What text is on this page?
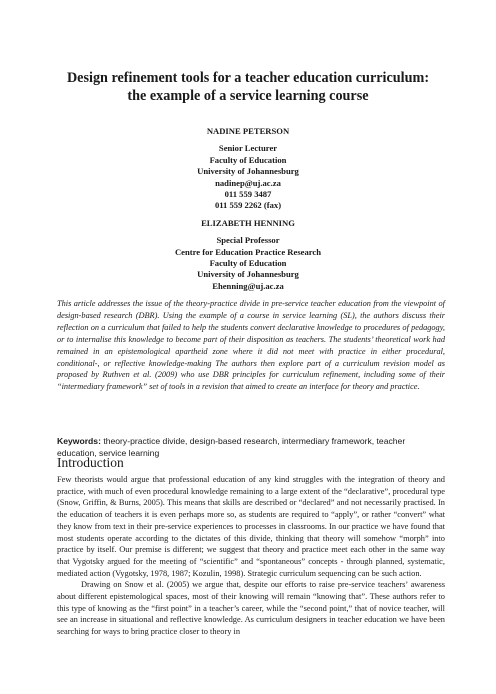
Design refinement tools for a teacher education curriculum:
the example of a service learning course
NADINE PETERSON
Senior Lecturer
Faculty of Education
University of Johannesburg
nadinep@uj.ac.za
011 559 3487
011 559 2262 (fax)
ELIZABETH HENNING
Special Professor
Centre for Education Practice Research
Faculty of Education
University of Johannesburg
Ehenning@uj.ac.za

This article addresses the issue of the theory-practice divide in pre-service teacher education from the viewpoint of design-based research (DBR). Using the example of a course in service learning (SL), the authors discuss their reflection on a curriculum that failed to help the students convert declarative knowledge to procedures of pedagogy, or to internalise this knowledge to become part of their disposition as teachers. The students’ theoretical work had remained in an epistemological apartheid zone where it did not meet with practice in either procedural, conditional-, or reflective knowledge-making The authors then explore part of a curriculum revision model as proposed by Ruthven et al. (2009) who use DBR principles for curriculum refinement, including some of their “intermediary framework” set of tools in a revision that aimed to create an interface for theory and practice.

Keywords: theory-practice divide, design-based research, intermediary framework, teacher education, service learning

Introduction

Few theorists would argue that professional education of any kind struggles with the integration of theory and practice, with much of even procedural knowledge remaining to a large extent of the “declarative”, procedural type (Snow, Griffin, & Burns, 2005). This means that skills are described or “declared” and not necessarily practised. In the education of teachers it is even perhaps more so, as students are required to “apply”, or rather “convert” what they know from text in their pre-service experiences to processes in classrooms. In our practice we have found that most students operate according to the dictates of this divide, thinking that theory will somehow “morph” into practice by itself. Our premise is different; we suggest that theory and practice meet each other in the same way that Vygotsky argued for the meeting of “scientific” and “spontaneous” concepts - through planned, systematic, mediated action (Vygotsky, 1978, 1987; Kozulin, 1998). Strategic curriculum sequencing can be such action.

Drawing on Snow et al. (2005) we argue that, despite our efforts to raise pre-service teachers’ awareness about different epistemological spaces, most of their knowing will remain “knowing that”. These authors refer to this type of knowing as the “first point” in a teacher’s career, while the “second point,” that of novice teacher, will see an increase in situational and reflective knowledge. As curriculum designers in teacher education we have been searching for ways to bring practice closer to theory in
